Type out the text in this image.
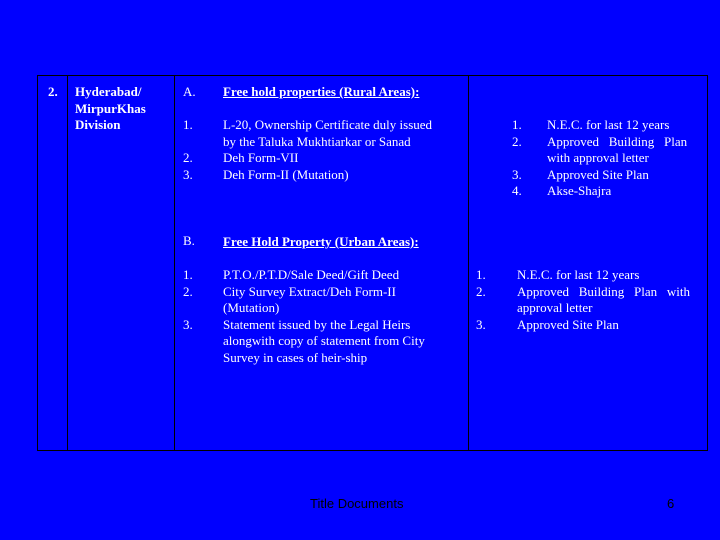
2. Hyderabad/
MirpurKhas
Division
A. Free hold properties (Rural Areas):
1. L-20, Ownership Certificate duly issued
by the Taluka Mukhtiarkar or Sanad
2. Deh Form-VII
3. Deh Form-II (Mutation)
1. N.E.C. for last 12 years
2. Approved   Building   Plan
with approval letter
3. Approved Site Plan
4. Akse-Shajra
B. Free Hold Property (Urban Areas):
1. P.T.O./P.T.D/Sale Deed/Gift Deed
2. City Survey Extract/Deh Form-II
(Mutation)
3. Statement issued by the Legal Heirs
alongwith copy of statement from City
Survey in cases of heir-ship
1. N.E.C. for last 12 years
2. Approved   Building   Plan   with
approval letter
3. Approved Site Plan
Title Documents	6
